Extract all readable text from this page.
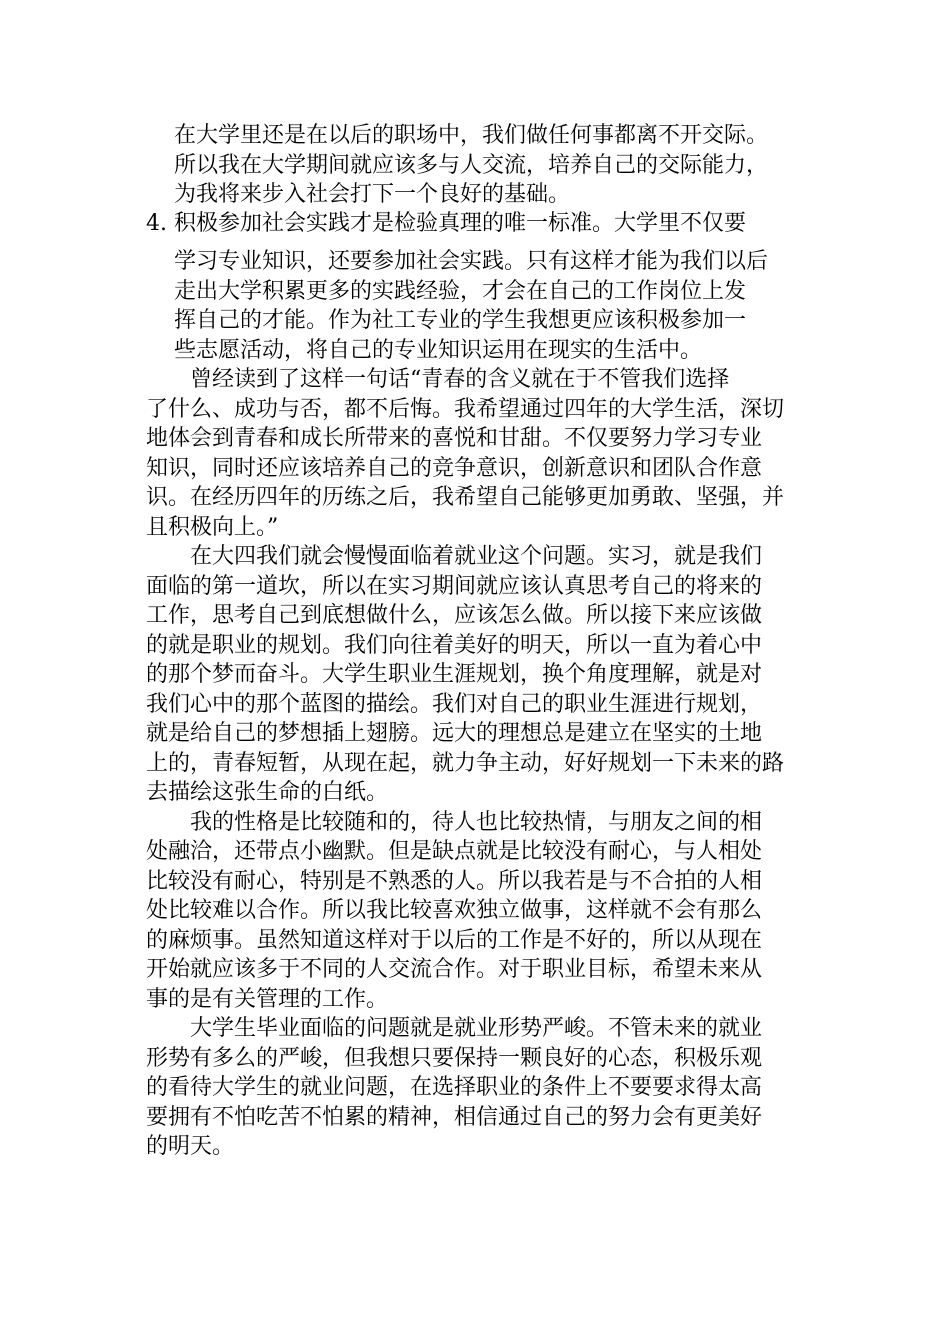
在大学里还是在以后的职场中，我们做任何事都离不开交际。
所以我在大学期间就应该多与人交流，培养自己的交际能力，
为我将来步入社会打下一个良好的基础。
4. 积极参加社会实践才是检验真理的唯一标准。大学里不仅要
学习专业知识，还要参加社会实践。只有这样才能为我们以后
走出大学积累更多的实践经验，才会在自己的工作岗位上发
挥自己的才能。作为社工专业的学生我想更应该积极参加一
些志愿活动，将自己的专业知识运用在现实的生活中。
曾经读到了这样一句话“青春的含义就在于不管我们选择
了什么、成功与否，都不后悔。我希望通过四年的大学生活，深切
地体会到青春和成长所带来的喜悦和甘甜。不仅要努力学习专业
知识，同时还应该培养自己的竞争意识，创新意识和团队合作意
识。在经历四年的历练之后，我希望自己能够更加勇敢、坚强，并
且积极向上。”
在大四我们就会慢慢面临着就业这个问题。实习，就是我们
面临的第一道坎，所以在实习期间就应该认真思考自己的将来的
工作，思考自己到底想做什么，应该怎么做。所以接下来应该做
的就是职业的规划。我们向往着美好的明天，所以一直为着心中
的那个梦而奋斗。大学生职业生涯规划，换个角度理解，就是对
我们心中的那个蓝图的描绘。我们对自己的职业生涯进行规划，
就是给自己的梦想插上翅膀。远大的理想总是建立在坚实的土地
上的，青春短暂，从现在起，就力争主动，好好规划一下未来的路
去描绘这张生命的白纸。
我的性格是比较随和的，待人也比较热情，与朋友之间的相
处融洽，还带点小幽默。但是缺点就是比较没有耐心，与人相处
比较没有耐心，特别是不熟悉的人。所以我若是与不合拍的人相
处比较难以合作。所以我比较喜欢独立做事，这样就不会有那么
的麻烦事。虽然知道这样对于以后的工作是不好的，所以从现在
开始就应该多于不同的人交流合作。对于职业目标，希望未来从
事的是有关管理的工作。
大学生毕业面临的问题就是就业形势严峻。不管未来的就业
形势有多么的严峻，但我想只要保持一颗良好的心态，积极乐观
的看待大学生的就业问题，在选择职业的条件上不要要求得太高
要拥有不怕吃苦不怕累的精神，相信通过自己的努力会有更美好
的明天。
